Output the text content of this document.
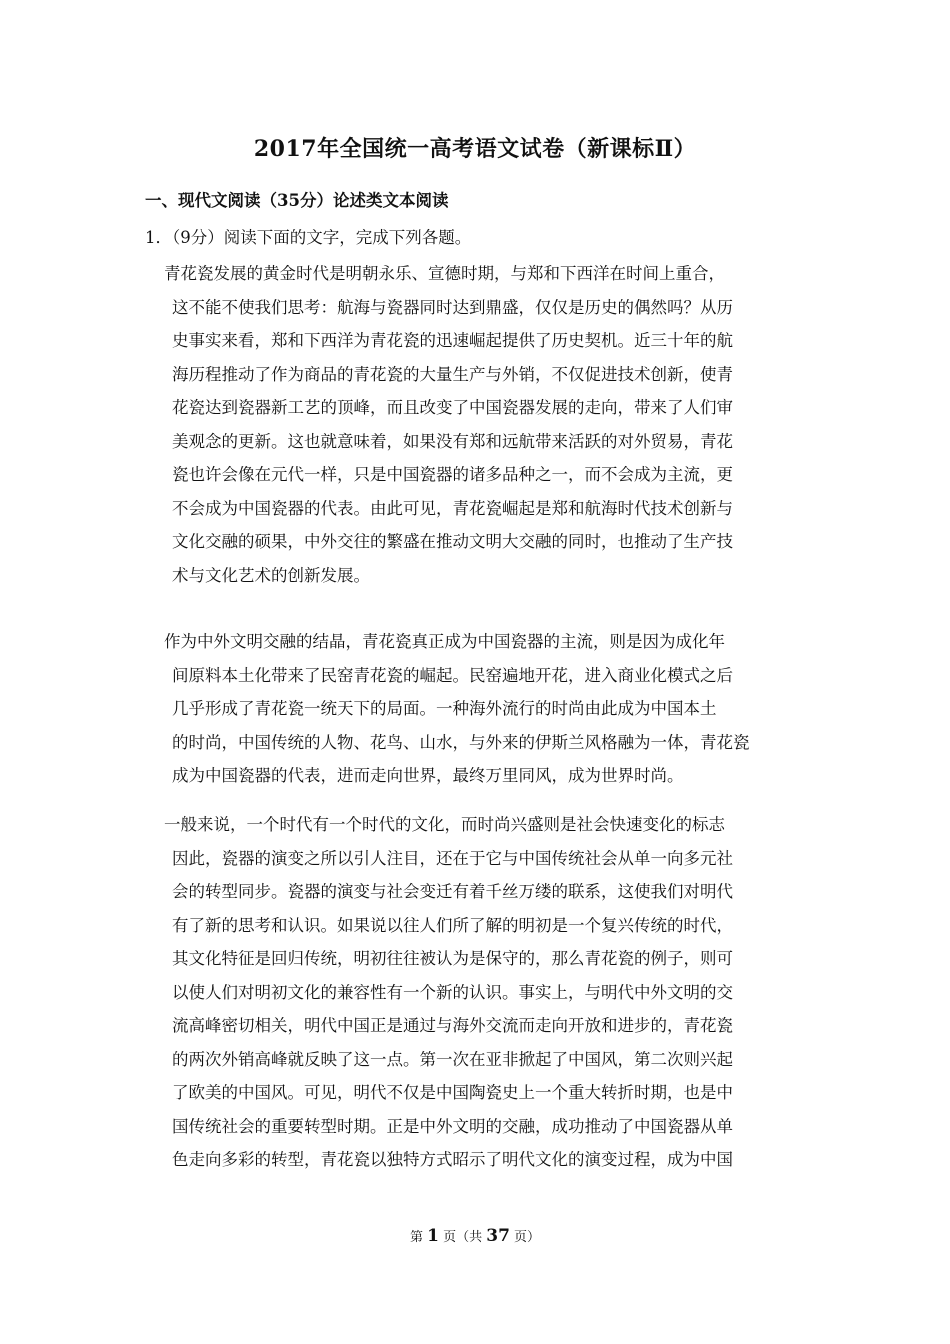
2017年全国统一高考语文试卷（新课标Ⅱ）
一、现代文阅读（35分）论述类文本阅读
1．（9分）阅读下面的文字，完成下列各题。
青花瓷发展的黄金时代是明朝永乐、宣德时期，与郑和下西洋在时间上重合，
这不能不使我们思考：航海与瓷器同时达到鼎盛，仅仅是历史的偶然吗？从历
史事实来看，郑和下西洋为青花瓷的迅速崛起提供了历史契机。近三十年的航
海历程推动了作为商品的青花瓷的大量生产与外销，不仅促进技术创新，使青
花瓷达到瓷器新工艺的顶峰，而且改变了中国瓷器发展的走向，带来了人们审
美观念的更新。这也就意味着，如果没有郑和远航带来活跃的对外贸易，青花
瓷也许会像在元代一样，只是中国瓷器的诸多品种之一，而不会成为主流，更
不会成为中国瓷器的代表。由此可见，青花瓷崛起是郑和航海时代技术创新与
文化交融的硕果，中外交往的繁盛在推动文明大交融的同时，也推动了生产技
术与文化艺术的创新发展。
作为中外文明交融的结晶，青花瓷真正成为中国瓷器的主流，则是因为成化年
间原料本土化带来了民窑青花瓷的崛起。民窑遍地开花，进入商业化模式之后
几乎形成了青花瓷一统天下的局面。一种海外流行的时尚由此成为中国本土
的时尚，中国传统的人物、花鸟、山水，与外来的伊斯兰风格融为一体，青花瓷
成为中国瓷器的代表，进而走向世界，最终万里同风，成为世界时尚。
一般来说，一个时代有一个时代的文化，而时尚兴盛则是社会快速变化的标志
因此，瓷器的演变之所以引人注目，还在于它与中国传统社会从单一向多元社
会的转型同步。瓷器的演变与社会变迁有着千丝万缕的联系，这使我们对明代
有了新的思考和认识。如果说以往人们所了解的明初是一个复兴传统的时代，
其文化特征是回归传统，明初往往被认为是保守的，那么青花瓷的例子，则可
以使人们对明初文化的兼容性有一个新的认识。事实上，与明代中外文明的交
流高峰密切相关，明代中国正是通过与海外交流而走向开放和进步的，青花瓷
的两次外销高峰就反映了这一点。第一次在亚非掀起了中国风，第二次则兴起
了欧美的中国风。可见，明代不仅是中国陶瓷史上一个重大转折时期，也是中
国传统社会的重要转型时期。正是中外文明的交融，成功推动了中国瓷器从单
色走向多彩的转型，青花瓷以独特方式昭示了明代文化的演变过程，成为中国
第 1 页（共 37 页）
